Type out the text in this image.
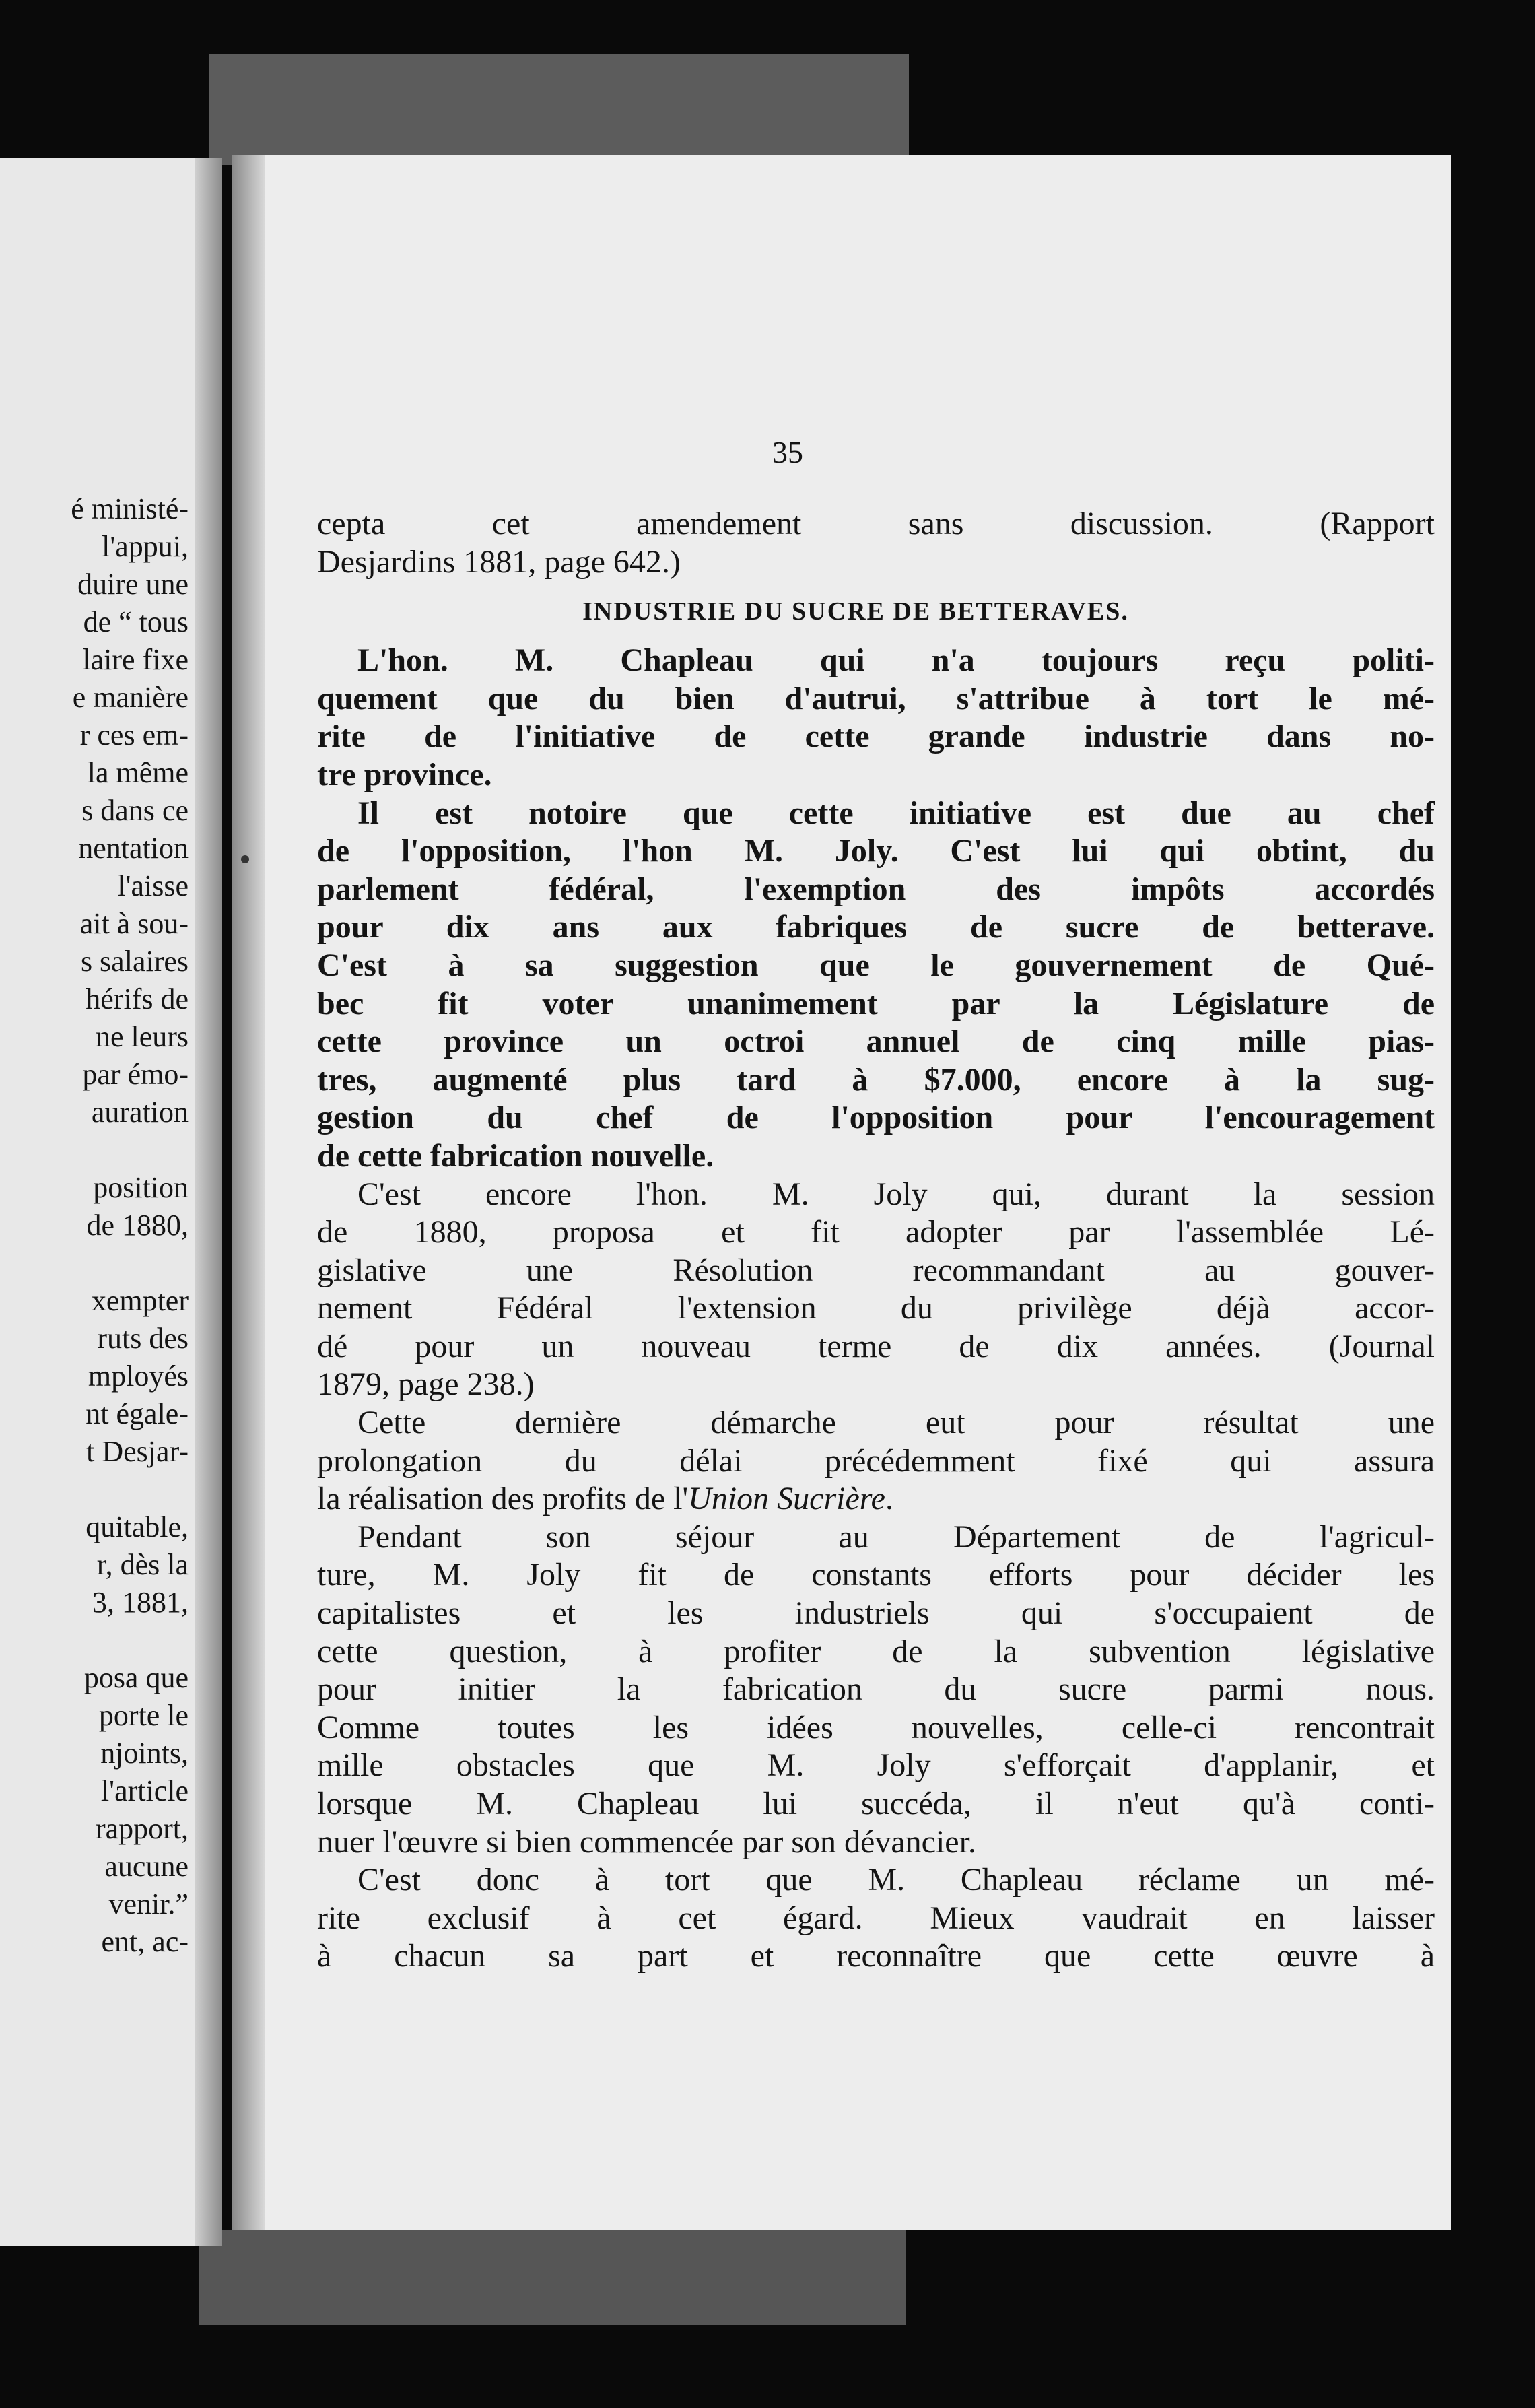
é ministé-
l'appui,
duire une
de “ tous
laire fixe
e manière
r ces em-
la même
s dans ce
nentation
l'aisse
ait à sou-
s salaires
hérifs de
ne leurs
par émo-
auration
position
de 1880,
xempter
ruts des
mployés
nt égale-
t Desjar-
quitable,
r, dès la
3, 1881,
posa que
porte le
njoints,
l'article
rapport,
aucune
venir.”
ent, ac-
35
cepta cet amendement sans discussion. (Rapport
Desjardins 1881, page 642.)
INDUSTRIE DU SUCRE DE BETTERAVES.
L'hon. M. Chapleau qui n'a toujours reçu politi-
quement que du bien d'autrui, s'attribue à tort le mé-
rite de l'initiative de cette grande industrie dans no-
tre province.
Il est notoire que cette initiative est due au chef
de l'opposition, l'hon M. Joly. C'est lui qui obtint, du
parlement fédéral, l'exemption des impôts accordés
pour dix ans aux fabriques de sucre de betterave.
C'est à sa suggestion que le gouvernement de Qué-
bec fit voter unanimement par la Législature de
cette province un octroi annuel de cinq mille pias-
tres, augmenté plus tard à $7.000, encore à la sug-
gestion du chef de l'opposition pour l'encouragement
de cette fabrication nouvelle.
C'est encore l'hon. M. Joly qui, durant la session
de 1880, proposa et fit adopter par l'assemblée Lé-
gislative une Résolution recommandant au gouver-
nement Fédéral l'extension du privilège déjà accor-
dé pour un nouveau terme de dix années. (Journal
1879, page 238.)
Cette dernière démarche eut pour résultat une
prolongation du délai précédemment fixé qui assura
la réalisation des profits de l'Union Sucrière.
Pendant son séjour au Département de l'agricul-
ture, M. Joly fit de constants efforts pour décider les
capitalistes et les industriels qui s'occupaient de
cette question, à profiter de la subvention législative
pour initier la fabrication du sucre parmi nous.
Comme toutes les idées nouvelles, celle-ci rencontrait
mille obstacles que M. Joly s'efforçait d'applanir, et
lorsque M. Chapleau lui succéda, il n'eut qu'à conti-
nuer l'œuvre si bien commencée par son dévancier.
C'est donc à tort que M. Chapleau réclame un mé-
rite exclusif à cet égard. Mieux vaudrait en laisser
à chacun sa part et reconnaître que cette œuvre à
